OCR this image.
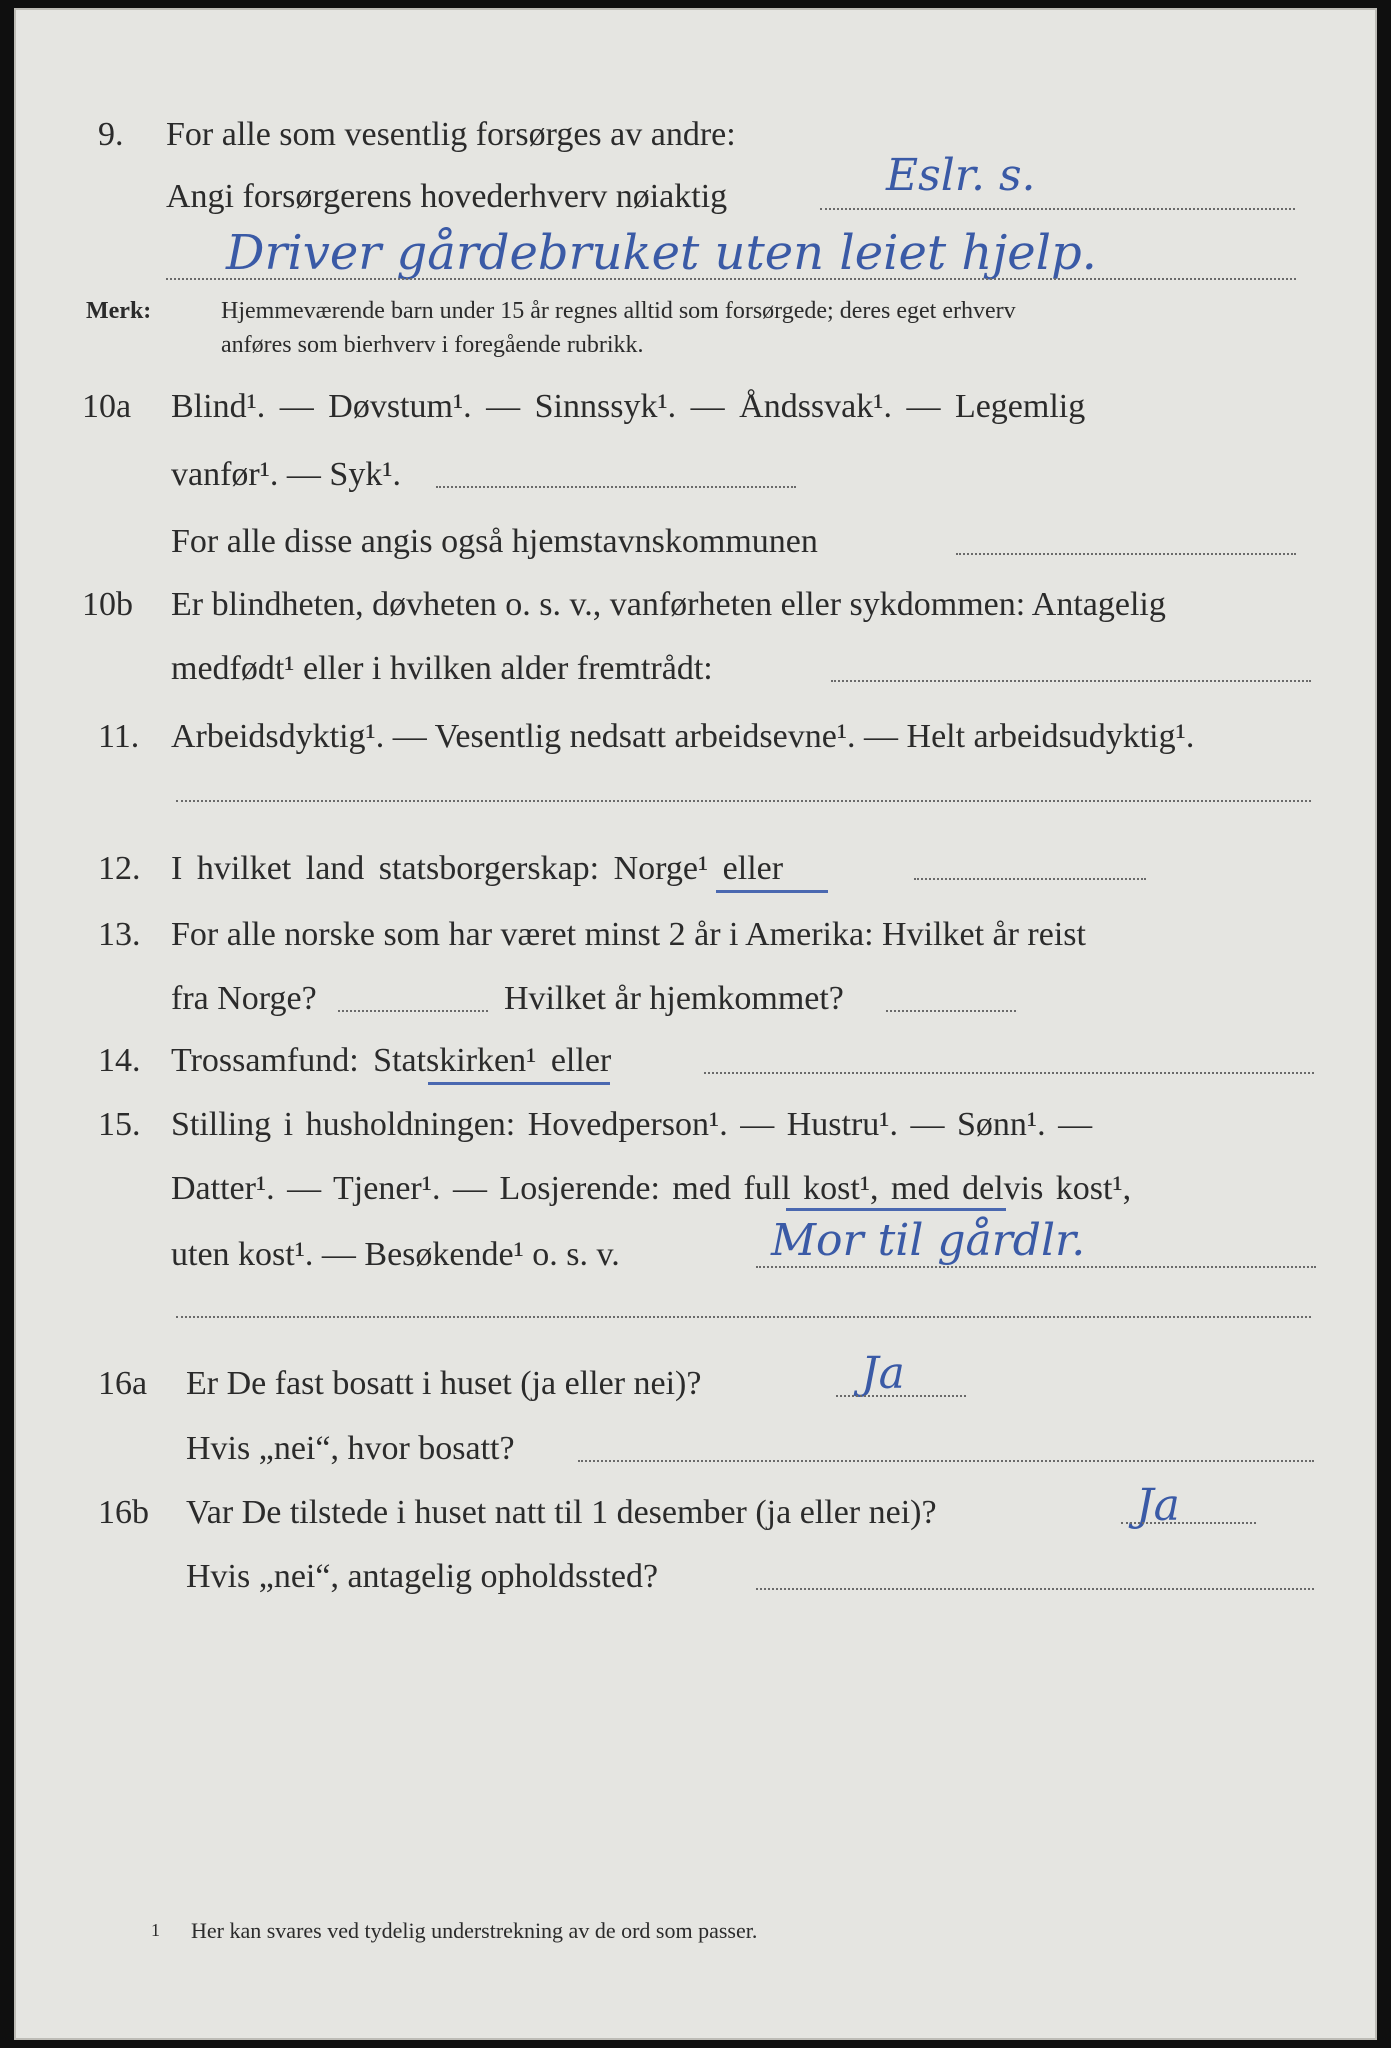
9. For alle som vesentlig forsørges av andre:
Angi forsørgerens hovederhverv nøiaktig	Eslr. s.
Driver gårdebruket uten leiet hjelp.
Merk:	Hjemmeværende barn under 15 år regnes alltid som forsørgede; deres eget erhverv
anføres som bierhverv i foregående rubrikk.
10a Blind¹. — Døvstum¹. — Sinnssyk¹. — Åndssvak¹. — Legemlig
vanfør¹. — Syk¹.
For alle disse angis også hjemstavnskommunen
10b Er blindheten, døvheten o. s. v., vanførheten eller sykdommen: Antagelig
medfødt¹ eller i hvilken alder fremtrådt:
11. Arbeidsdyktig¹. — Vesentlig nedsatt arbeidsevne¹. — Helt arbeidsudyktig¹.
12. I hvilket land statsborgerskap: Norge¹ eller
13. For alle norske som har været minst 2 år i Amerika: Hvilket år reist
fra Norge?	Hvilket år hjemkommet?
14. Trossamfund: Statskirken¹ eller
15. Stilling i husholdningen: Hovedperson¹. — Hustru¹. — Sønn¹. —
Datter¹. — Tjener¹. — Losjerende: med full kost¹, med delvis kost¹,
uten kost¹. — Besøkende¹ o. s. v.	Mor til gårdlr.
16a Er De fast bosatt i huset (ja eller nei)?	Ja
Hvis „nei“, hvor bosatt?
16b Var De tilstede i huset natt til 1 desember (ja eller nei)?	Ja
Hvis „nei“, antagelig opholdssted?
1 Her kan svares ved tydelig understrekning av de ord som passer.
